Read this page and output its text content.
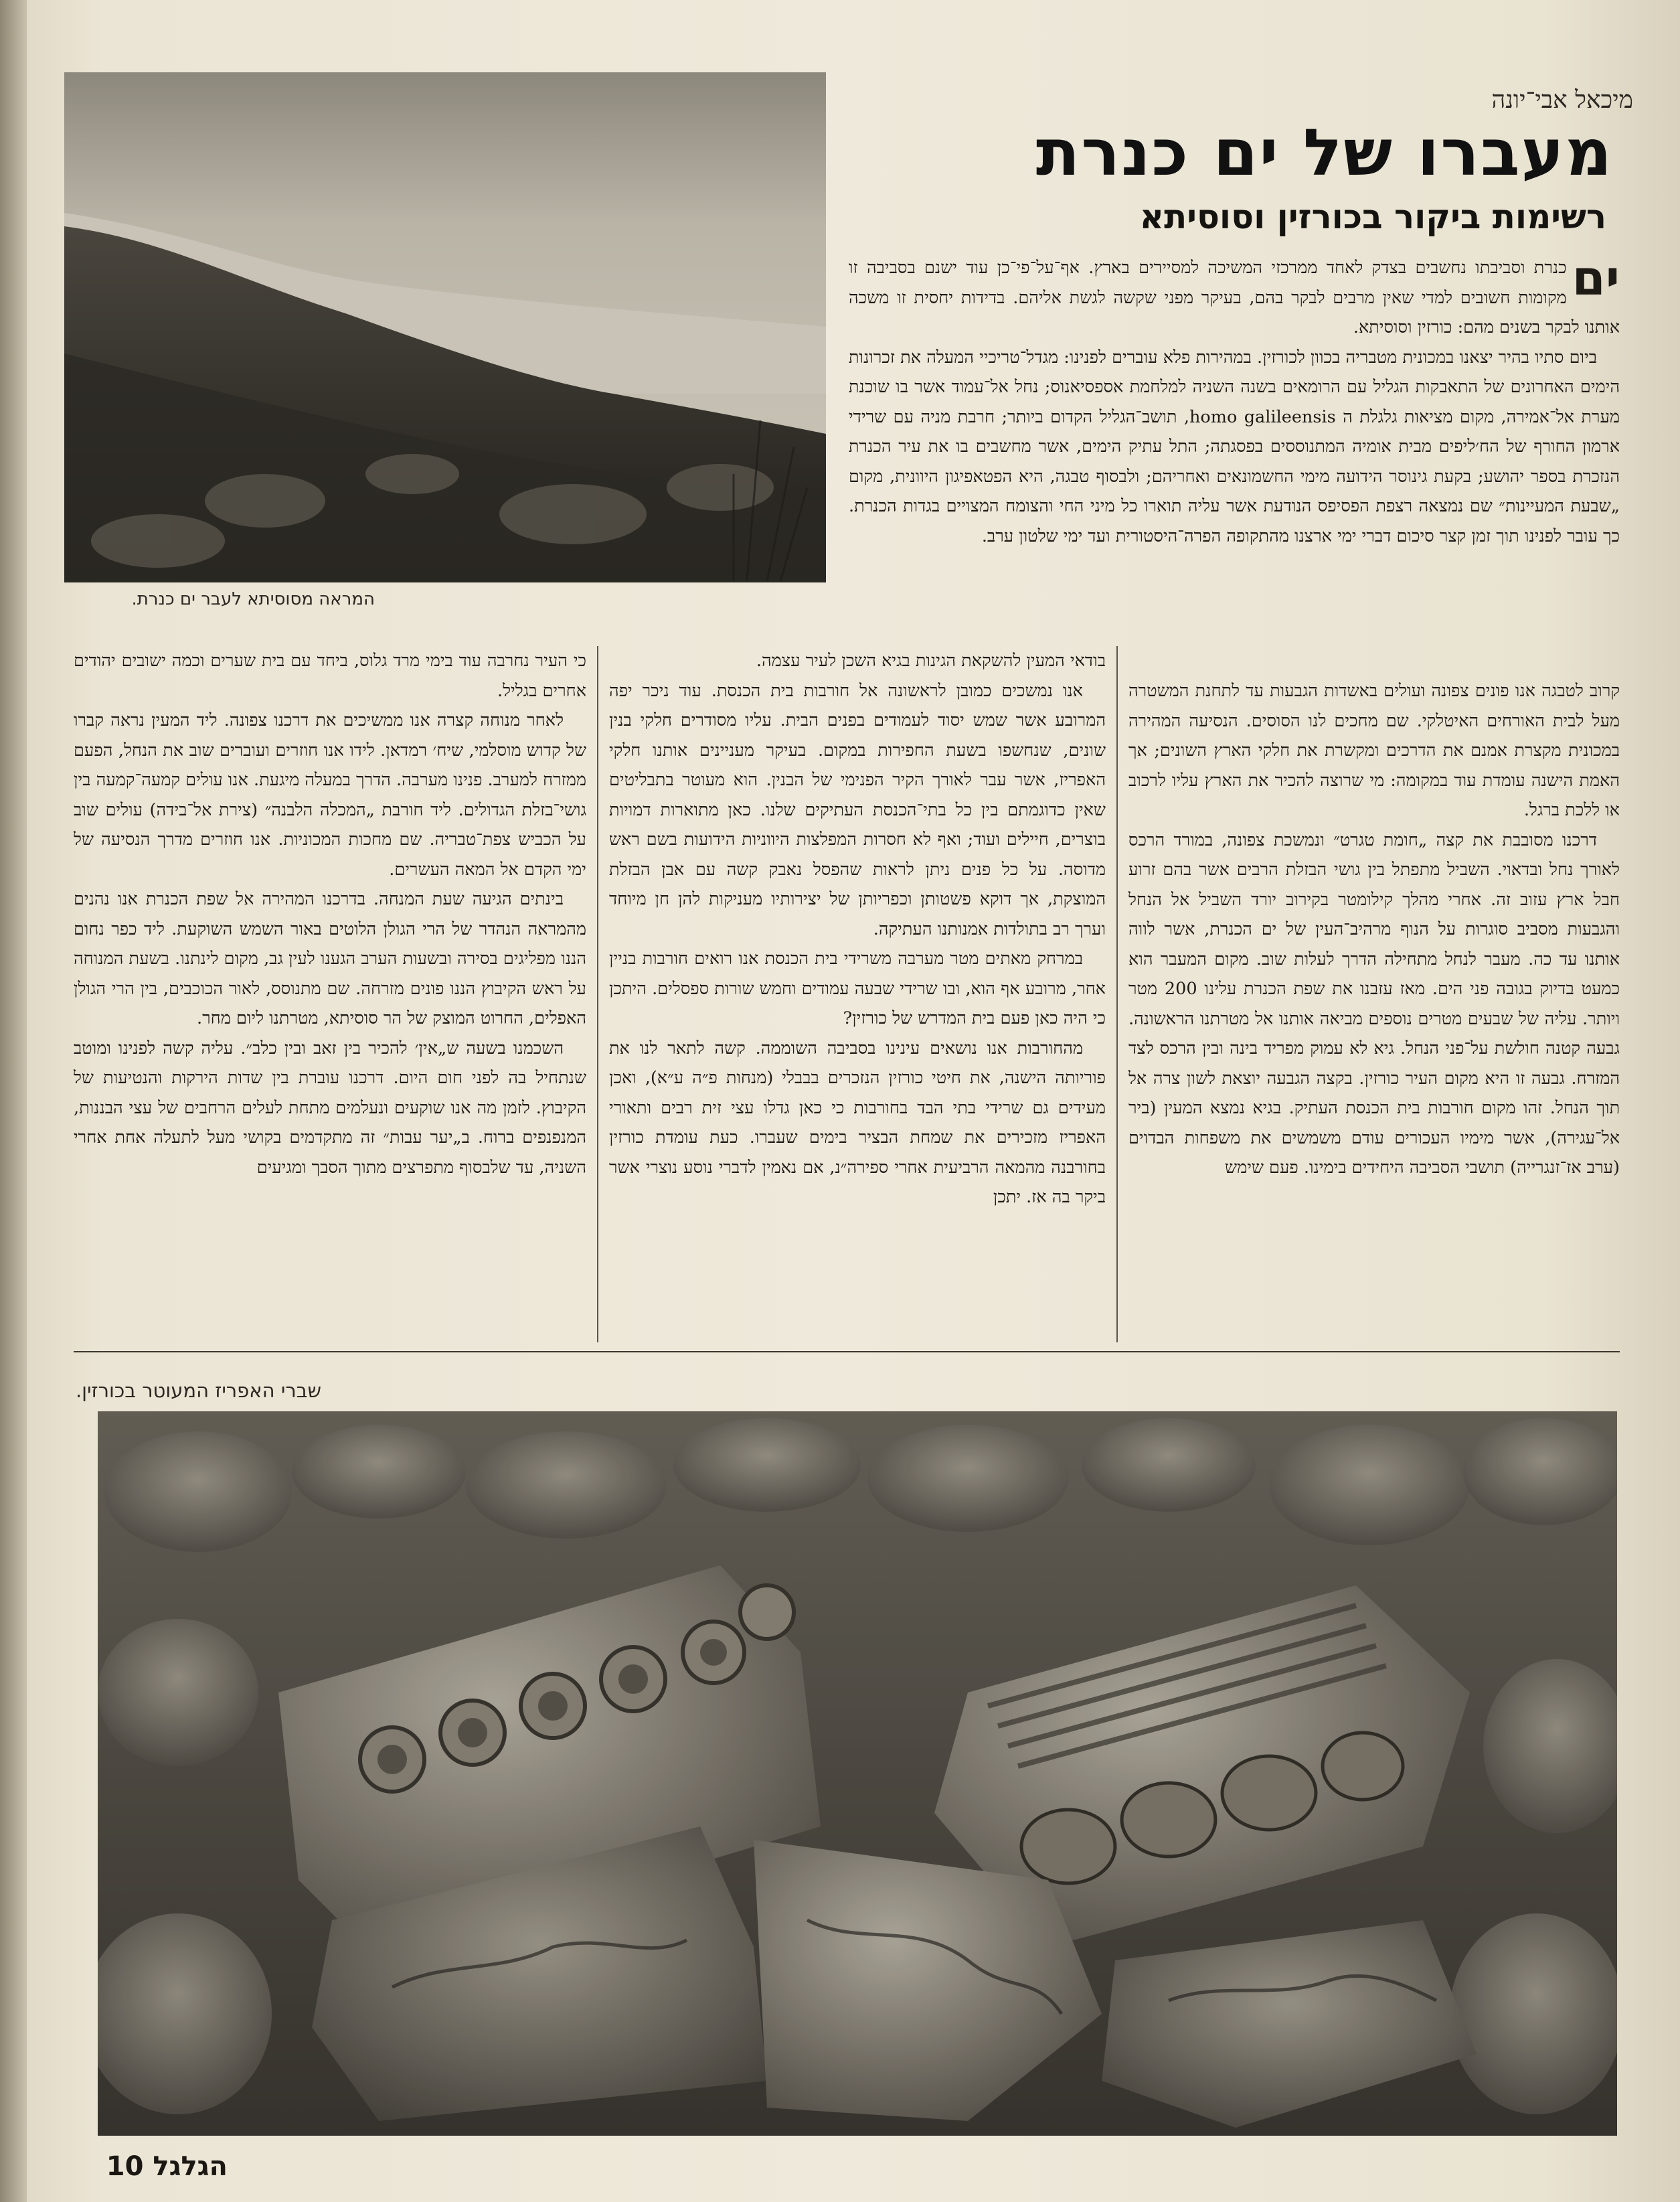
המראה מסוסיתא לעבר ים כנרת.
מיכאל אבי־יונה
מעברו של ים כנרת
רשימות ביקור בכורזין וסוסיתא

ים
כנרת וסביבתו נחשבים בצדק לאחד ממרכזי המשיכה למסיירים בארץ. אף־על־פי־כן עוד ישנם בסביבה זו מקומות חשובים למדי שאין מרבים לבקר בהם, בעיקר מפני שקשה לגשת אליהם. בדידות יחסית זו משכה אותנו לבקר בשנים מהם: כורזין וסוסיתא.

ביום סתיו בהיר יצאנו במכונית מטבריה בכוון לכורזין. במהירות פלא עוברים לפנינו: מגדל־טריכיי המעלה את זכרונות הימים האחרונים של התאבקות הגליל עם הרומאים בשנה השניה למלחמת אספסיאנוס; נחל אל־עמוד אשר בו שוכנת מערת אל־אמירה, מקום מציאות גלגלת ה homo galileensis, תושב־הגליל הקדום ביותר; חרבת מניה עם שרידי ארמון החורף של הח׳ליפים מבית אומיה המתנוססים בפסגתה; התל עתיק הימים, אשר מחשבים בו את עיר הכנרת הנזכרת בספר יהושע; בקעת גינוסר הידועה מימי החשמונאים ואחריהם; ולבסוף טבגה, היא הפטאפיגון היוונית, מקום „שבעת המעיינות״ שם נמצאה רצפת הפסיפס הנודעת אשר עליה תוארו כל מיני החי והצומח המצויים בגדות הכנרת. כך עובר לפנינו תוך זמן קצר סיכום דברי ימי ארצנו מהתקופה הפרה־היסטורית ועד ימי שלטון ערב.

קרוב לטבגה אנו פונים צפונה ועולים באשדות הגבעות עד לתחנת המשטרה מעל לבית האורחים האיטלקי. שם מחכים לנו הסוסים. הנסיעה המהירה במכונית מקצרת אמנם את הדרכים ומקשרת את חלקי הארץ השונים; אך האמת הישנה עומדת עוד במקומה: מי שרוצה להכיר את הארץ עליו לרכוב או ללכת ברגל.

דרכנו מסובבת את קצה „חומת טגרט״ ונמשכת צפונה, במורד הרכס לאורך נחל ובדאוי. השביל מתפתל בין גושי הבזלת הרבים אשר בהם זרוע חבל ארץ עזוב זה. אחרי מהלך קילומטר בקירוב יורד השביל אל הנחל והגבעות מסביב סוגרות על הנוף מרהיב־העין של ים הכנרת, אשר לווה אותנו עד כה. מעבר לנחל מתחילה הדרך לעלות שוב. מקום המעבר הוא כמעט בדיוק בגובה פני הים. מאז עזבנו את שפת הכנרת עלינו 200 מטר ויותר. עליה של שבעים מטרים נוספים מביאה אותנו אל מטרתנו הראשונה. גבעה קטנה חולשת על־פני הנחל. גיא לא עמוק מפריד בינה ובין הרכס לצד המזרח. גבעה זו היא מקום העיר כורזין. בקצה הגבעה יוצאת לשון צרה אל תוך הנחל. זהו מקום חורבות בית הכנסת העתיק. בגיא נמצא המעין (ביר אל־עגירה), אשר מימיו העכורים עודם משמשים את משפחות הבדוים (ערב אז־זנגרייה) תושבי הסביבה היחידים בימינו. פעם שימש

בודאי המעין להשקאת הגינות בגיא השכן לעיר עצמה.

אנו נמשכים כמובן לראשונה אל חורבות בית הכנסת. עוד ניכר יפה המרובע אשר שמש יסוד לעמודים בפנים הבית. עליו מסודרים חלקי בנין שונים, שנחשפו בשעת החפירות במקום. בעיקר מעניינים אותנו חלקי האפריז, אשר עבר לאורך הקיר הפנימי של הבנין. הוא מעוטר בתבליטים שאין כדוגמתם בין כל בתי־הכנסת העתיקים שלנו. כאן מתוארות דמויות בוצרים, חיילים ועוד; ואף לא חסרות המפלצות היווניות הידועות בשם ראש מדוסה. על כל פנים ניתן לראות שהפסל נאבק קשה עם אבן הבזלת המוצקת, אך דוקא פשטותן וכפריותן של יצירותיו מעניקות להן חן מיוחד וערך רב בתולדות אמנותנו העתיקה.

במרחק מאתים מטר מערבה משרידי בית הכנסת אנו רואים חורבות בניין אחר, מרובע אף הוא, ובו שרידי שבעה עמודים וחמש שורות ספסלים. היתכן כי היה כאן פעם בית המדרש של כורזין?

מהחורבות אנו נושאים עינינו בסביבה השוממה. קשה לתאר לנו את פוריותה הישנה, את חיטי כורזין הנזכרים בבבלי (מנחות פ״ה ע״א), ואכן מעידים גם שרידי בתי הבד בחורבות כי כאן גדלו עצי זית רבים ותאורי האפריז מזכירים את שמחת הבציר בימים שעברו. כעת עומדת כורזין בחורבנה מהמאה הרביעית אחרי ספירה״נ, אם נאמין לדברי נוסע נוצרי אשר ביקר בה אז. יתכן

כי העיר נחרבה עוד בימי מרד גלוס, ביחד עם בית שערים וכמה ישובים יהודים אחרים בגליל.

לאחר מנוחה קצרה אנו ממשיכים את דרכנו צפונה. ליד המעין נראה קברו של קדוש מוסלמי, שיח׳ רמדאן. לידו אנו חוזרים ועוברים שוב את הנחל, הפעם ממזרח למערב. פנינו מערבה. הדרך במעלה מיגעת. אנו עולים קמעה־קמעה בין גושי־בזלת הגדולים. ליד חורבת „המכלה הלבנה״ (צירת אל־בידה) עולים שוב על הכביש צפת־טבריה. שם מחכות המכוניות. אנו חוזרים מדרך הנסיעה של ימי הקדם אל המאה העשרים.

בינתים הגיעה שעת המנחה. בדרכנו המהירה אל שפת הכנרת אנו נהנים מהמראה הנהדר של הרי הגולן הלוטים באור השמש השוקעת. ליד כפר נחום הננו מפליגים בסירה ובשעות הערב הגענו לעין גב, מקום לינתנו. בשעת המנוחה על ראש הקיבוץ הננו פונים מזרחה. שם מתנוסס, לאור הכוכבים, בין הרי הגולן האפלים, החרוט המוצק של הר סוסיתא, מטרתנו ליום מחר.

השכמנו בשעה ש„אין׳ להכיר בין זאב ובין כלב״. עליה קשה לפנינו ומוטב שנתחיל בה לפני חום היום. דרכנו עוברת בין שדות הירקות והנטיעות של הקיבוץ. לזמן מה אנו שוקעים ונעלמים מתחת לעלים הרחבים של עצי הבננות, המנפנפים ברוח. ב„יער עבות״ זה מתקדמים בקושי מעל לתעלה אחת אחרי השניה, עד שלבסוף מתפרצים מתוך הסבך ומגיעים

שברי האפריז המעוטר בכורזין.
הגלגל 10
